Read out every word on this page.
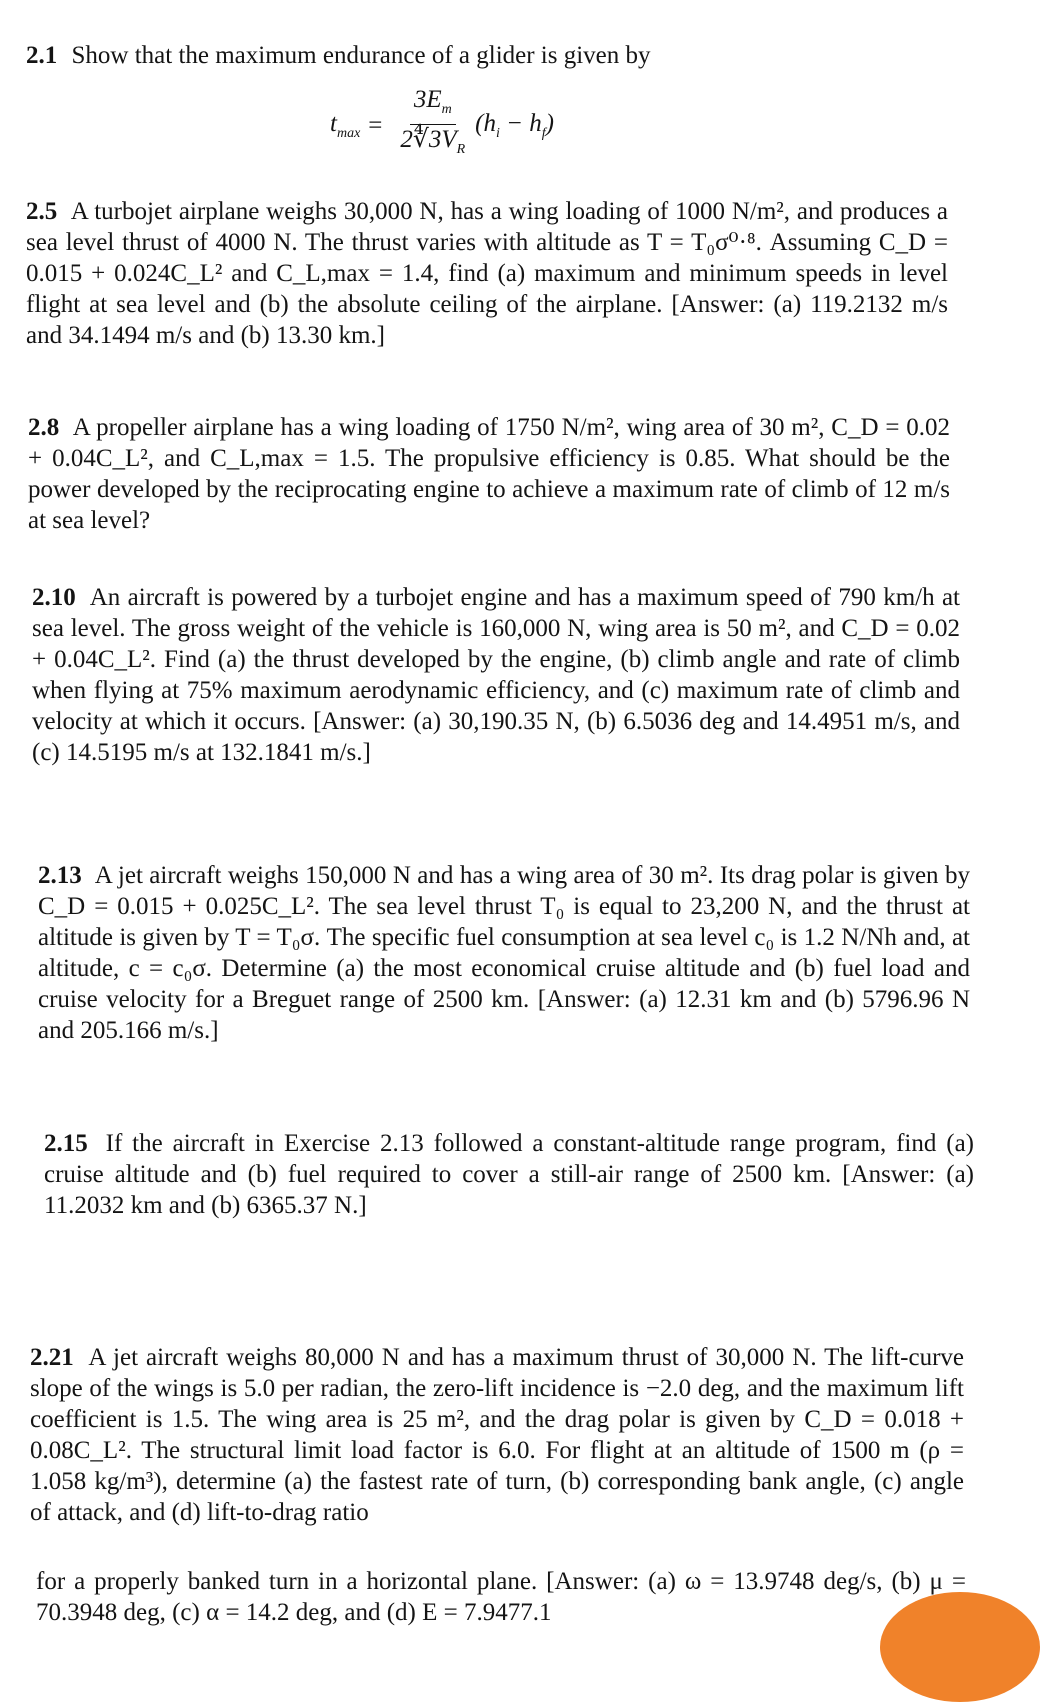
2.1 Show that the maximum endurance of a glider is given by
$t_{max} = \frac{3E_m}{2∜3V_R} (h_i - h_f)$
2.5 A turbojet airplane weighs 30,000 N, has a wing loading of 1000 N/m², and produces a sea level thrust of 4000 N. The thrust varies with altitude as T = T₀σ⁰·⁸. Assuming C_D = 0.015 + 0.024C_L² and C_L,max = 1.4, find (a) maximum and minimum speeds in level flight at sea level and (b) the absolute ceiling of the airplane. [Answer: (a) 119.2132 m/s and 34.1494 m/s and (b) 13.30 km.]
2.8 A propeller airplane has a wing loading of 1750 N/m², wing area of 30 m², C_D = 0.02 + 0.04C_L², and C_L,max = 1.5. The propulsive efficiency is 0.85. What should be the power developed by the reciprocating engine to achieve a maximum rate of climb of 12 m/s at sea level?
2.10 An aircraft is powered by a turbojet engine and has a maximum speed of 790 km/h at sea level. The gross weight of the vehicle is 160,000 N, wing area is 50 m², and C_D = 0.02 + 0.04C_L². Find (a) the thrust developed by the engine, (b) climb angle and rate of climb when flying at 75% maximum aerodynamic efficiency, and (c) maximum rate of climb and velocity at which it occurs. [Answer: (a) 30,190.35 N, (b) 6.5036 deg and 14.4951 m/s, and (c) 14.5195 m/s at 132.1841 m/s.]
2.13 A jet aircraft weighs 150,000 N and has a wing area of 30 m². Its drag polar is given by C_D = 0.015 + 0.025C_L². The sea level thrust T₀ is equal to 23,200 N, and the thrust at altitude is given by T = T₀σ. The specific fuel consumption at sea level c₀ is 1.2 N/Nh and, at altitude, c = c₀σ. Determine (a) the most economical cruise altitude and (b) fuel load and cruise velocity for a Breguet range of 2500 km. [Answer: (a) 12.31 km and (b) 5796.96 N and 205.166 m/s.]
2.15 If the aircraft in Exercise 2.13 followed a constant-altitude range program, find (a) cruise altitude and (b) fuel required to cover a still-air range of 2500 km. [Answer: (a) 11.2032 km and (b) 6365.37 N.]
2.21 A jet aircraft weighs 80,000 N and has a maximum thrust of 30,000 N. The lift-curve slope of the wings is 5.0 per radian, the zero-lift incidence is −2.0 deg, and the maximum lift coefficient is 1.5. The wing area is 25 m², and the drag polar is given by C_D = 0.018 + 0.08C_L². The structural limit load factor is 6.0. For flight at an altitude of 1500 m (ρ = 1.058 kg/m³), determine (a) the fastest rate of turn, (b) corresponding bank angle, (c) angle of attack, and (d) lift-to-drag ratio
for a properly banked turn in a horizontal plane. [Answer: (a) ω = 13.9748 deg/s, (b) μ = 70.3948 deg, (c) α = 14.2 deg, and (d) E = 7.9477.1
